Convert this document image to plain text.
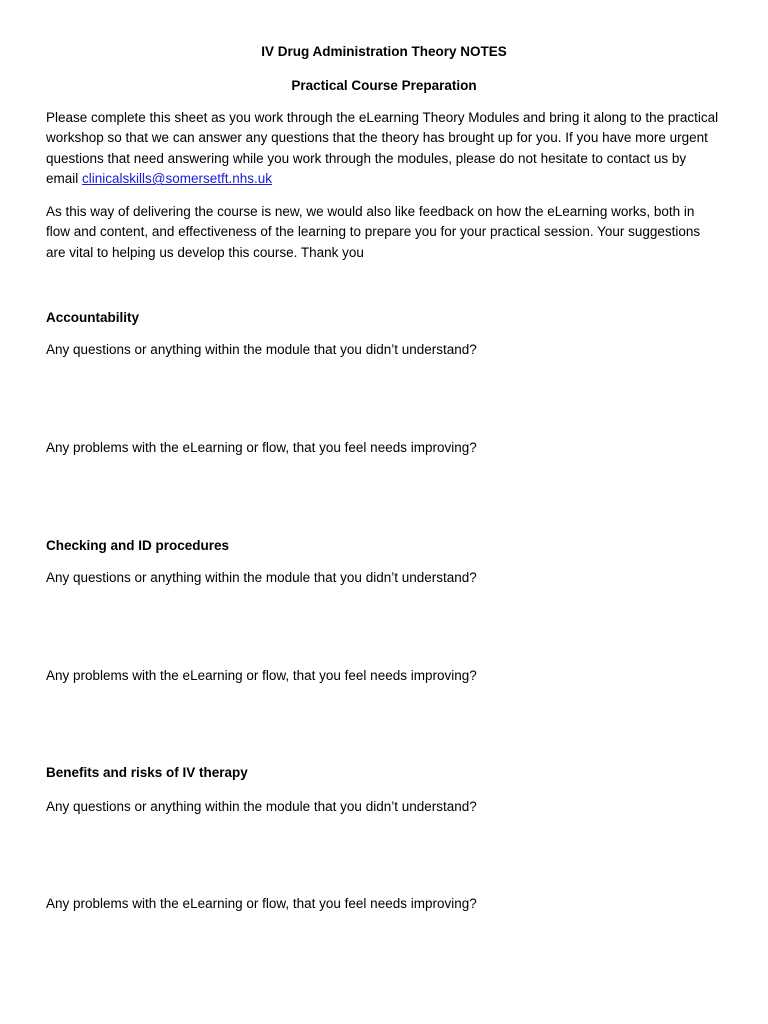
IV Drug Administration Theory NOTES

Practical Course Preparation

Please complete this sheet as you work through the eLearning Theory Modules and bring it along to the practical workshop so that we can answer any questions that the theory has brought up for you. If you have more urgent questions that need answering while you work through the modules, please do not hesitate to contact us by email clinicalskills@somersetft.nhs.uk

As this way of delivering the course is new, we would also like feedback on how the eLearning works, both in flow and content, and effectiveness of the learning to prepare you for your practical session. Your suggestions are vital to helping us develop this course. Thank you

Accountability

Any questions or anything within the module that you didn’t understand?

Any problems with the eLearning or flow, that you feel needs improving?

Checking and ID procedures

Any questions or anything within the module that you didn’t understand?

Any problems with the eLearning or flow, that you feel needs improving?

Benefits and risks of IV therapy

Any questions or anything within the module that you didn’t understand?

Any problems with the eLearning or flow, that you feel needs improving?
